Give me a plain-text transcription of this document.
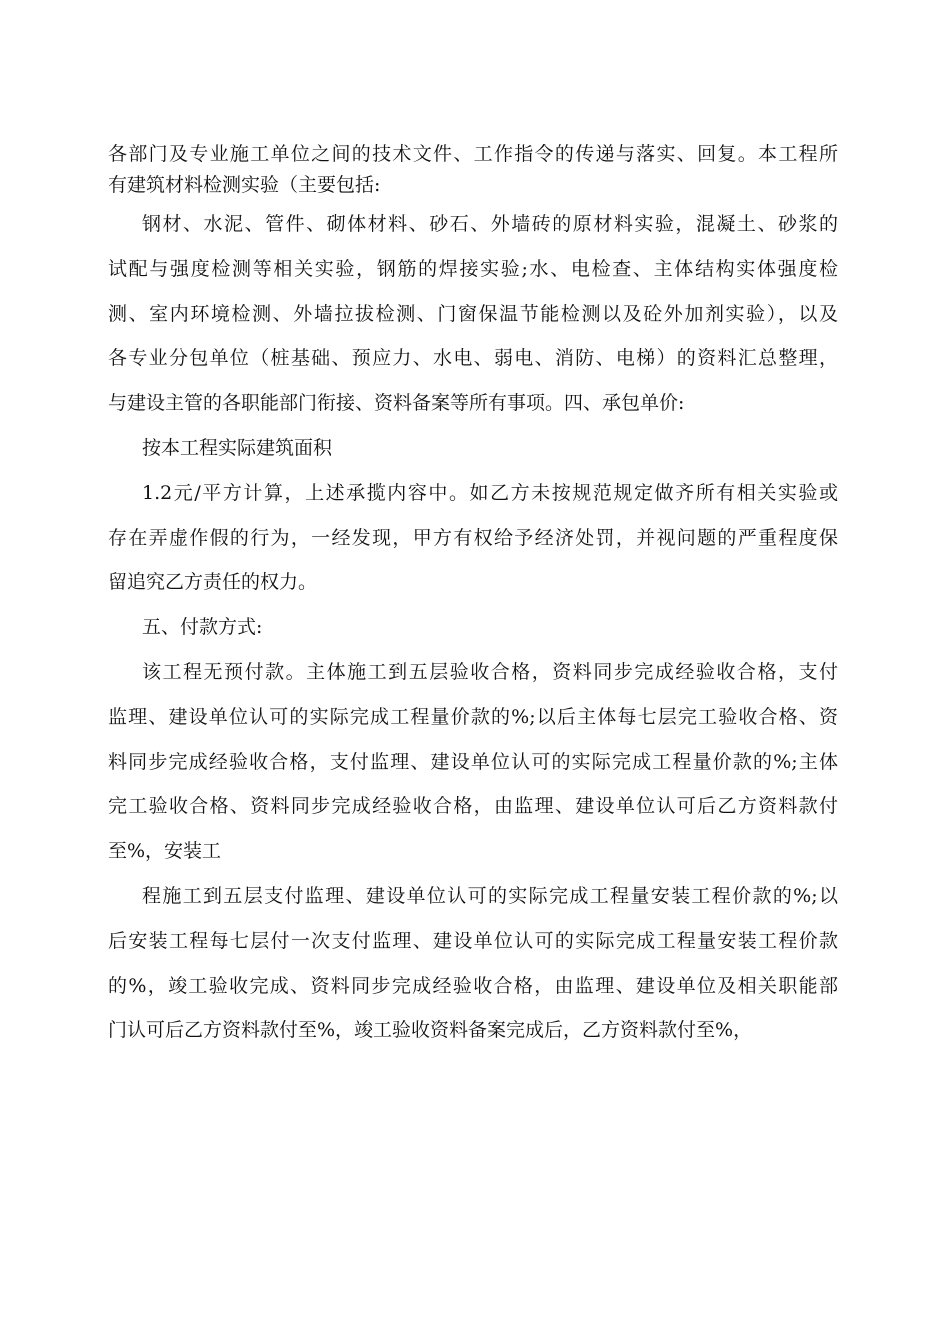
各部门及专业施工单位之间的技术文件、工作指令的传递与落实、回复。本工程所
有建筑材料检测实验（主要包括:
钢材、水泥、管件、砌体材料、砂石、外墙砖的原材料实验，混凝土、砂浆的
试配与强度检测等相关实验，钢筋的焊接实验;水、电检查、主体结构实体强度检
测、室内环境检测、外墙拉拔检测、门窗保温节能检测以及砼外加剂实验），以及
各专业分包单位（桩基础、预应力、水电、弱电、消防、电梯）的资料汇总整理，
与建设主管的各职能部门衔接、资料备案等所有事项。四、承包单价:
按本工程实际建筑面积
1.2元/平方计算，上述承揽内容中。如乙方未按规范规定做齐所有相关实验或
存在弄虚作假的行为，一经发现，甲方有权给予经济处罚，并视问题的严重程度保
留追究乙方责任的权力。
五、付款方式:
该工程无预付款。主体施工到五层验收合格，资料同步完成经验收合格，支付
监理、建设单位认可的实际完成工程量价款的%;以后主体每七层完工验收合格、资
料同步完成经验收合格，支付监理、建设单位认可的实际完成工程量价款的%;主体
完工验收合格、资料同步完成经验收合格，由监理、建设单位认可后乙方资料款付
至%，安装工
程施工到五层支付监理、建设单位认可的实际完成工程量安装工程价款的%;以
后安装工程每七层付一次支付监理、建设单位认可的实际完成工程量安装工程价款
的%，竣工验收完成、资料同步完成经验收合格，由监理、建设单位及相关职能部
门认可后乙方资料款付至%，竣工验收资料备案完成后，乙方资料款付至%，
